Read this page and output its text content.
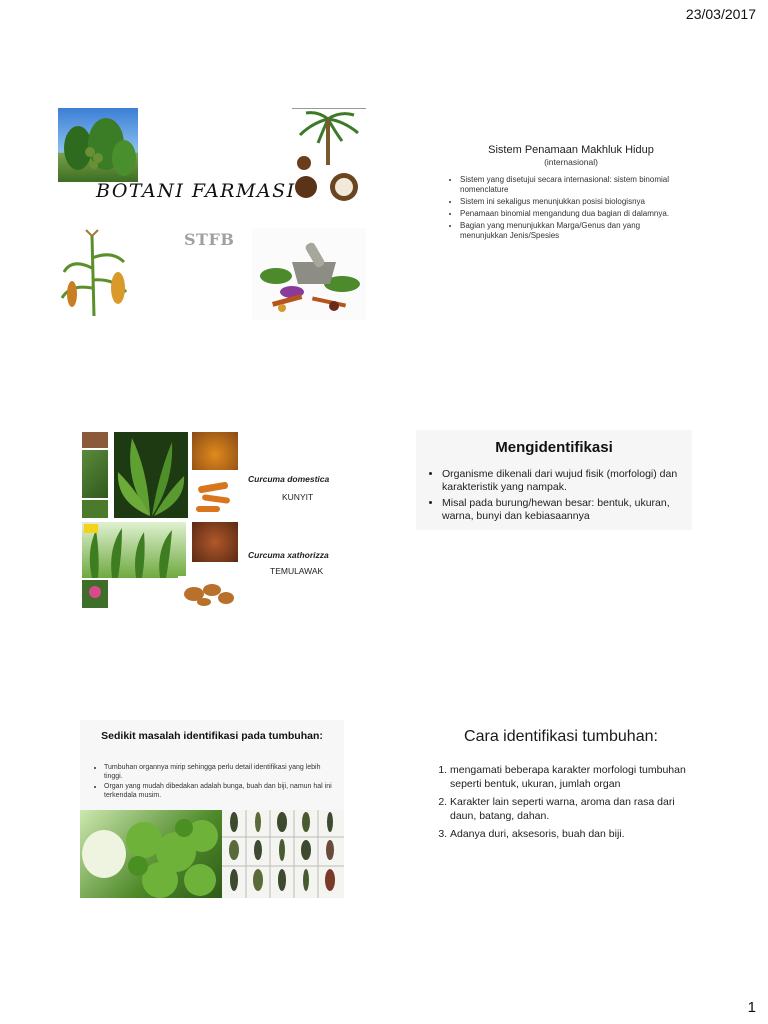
23/03/2017
BOTANI FARMASI
STFB
Sistem Penamaan Makhluk Hidup
(internasional)
• Sistem yang disetujui secara internasional: sistem binomial nomenclature
• Sistem ini sekaligus menunjukkan posisi biologisnya
• Penamaan binomial mengandung dua bagian di dalamnya.
• Bagian yang menunjukkan Marga/Genus dan yang menunjukkan Jenis/Spesies
Curcuma domestica
KUNYIT
Curcuma xathorizza
TEMULAWAK
Mengidentifikasi
• Organisme dikenali dari wujud fisik (morfologi) dan karakteristik yang nampak.
• Misal pada burung/hewan besar: bentuk, ukuran, warna, bunyi dan kebiasaannya
Sedikit masalah identifikasi pada tumbuhan:
• Tumbuhan organnya mirip sehingga perlu detail identifikasi yang lebih tinggi.
• Organ yang mudah dibedakan adalah bunga, buah dan biji, namun hal ini terkendala musim.
Cara identifikasi tumbuhan:
1. mengamati beberapa karakter morfologi tumbuhan seperti bentuk, ukuran, jumlah organ
2. Karakter lain seperti warna, aroma dan rasa dari daun, batang, dahan.
3. Adanya duri, aksesoris, buah dan biji.
1
